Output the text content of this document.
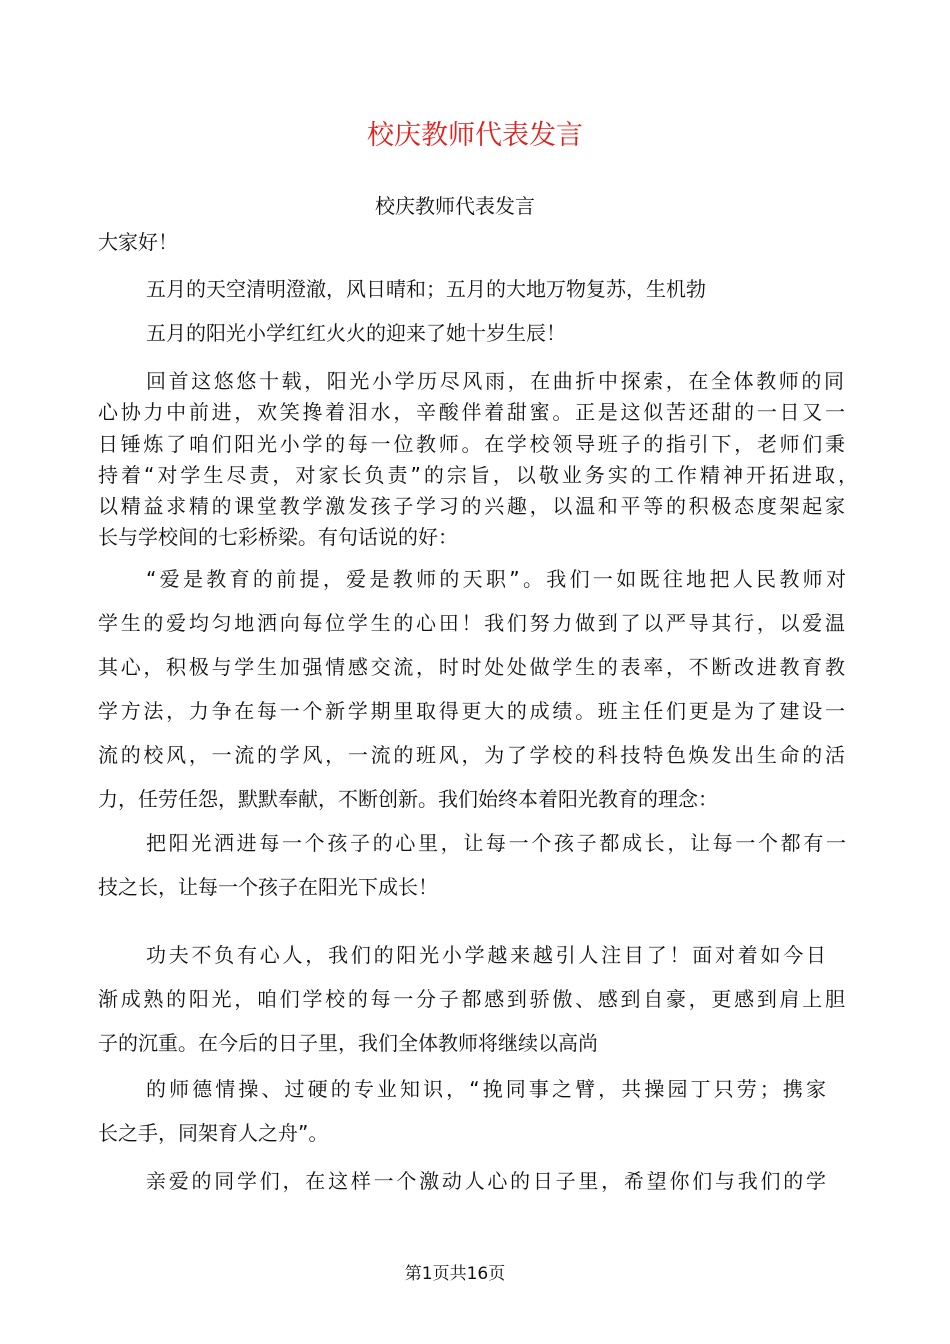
校庆教师代表发言

校庆教师代表发言

大家好！

五月的天空清明澄澈，风日晴和；五月的大地万物复苏，生机勃

五月的阳光小学红红火火的迎来了她十岁生辰！

回首这悠悠十载，阳光小学历尽风雨，在曲折中探索，在全体教师的同

心协力中前进，欢笑搀着泪水，辛酸伴着甜蜜。正是这似苦还甜的一日又一

日锤炼了咱们阳光小学的每一位教师。在学校领导班子的指引下，老师们秉

持着“对学生尽责，对家长负责”的宗旨，以敬业务实的工作精神开拓进取，

以精益求精的课堂教学激发孩子学习的兴趣，以温和平等的积极态度架起家

长与学校间的七彩桥梁。有句话说的好：

“爱是教育的前提，爱是教师的天职”。我们一如既往地把人民教师对

学生的爱均匀地洒向每位学生的心田！我们努力做到了以严导其行，以爱温

其心，积极与学生加强情感交流，时时处处做学生的表率，不断改进教育教

学方法，力争在每一个新学期里取得更大的成绩。班主任们更是为了建设一

流的校风，一流的学风，一流的班风，为了学校的科技特色焕发出生命的活

力，任劳任怨，默默奉献，不断创新。我们始终本着阳光教育的理念：

把阳光洒进每一个孩子的心里，让每一个孩子都成长，让每一个都有一

技之长，让每一个孩子在阳光下成长！

功夫不负有心人，我们的阳光小学越来越引人注目了！面对着如今日

渐成熟的阳光，咱们学校的每一分子都感到骄傲、感到自豪，更感到肩上胆

子的沉重。在今后的日子里，我们全体教师将继续以高尚

的师德情操、过硬的专业知识，“挽同事之臂，共操园丁只劳；携家

长之手，同架育人之舟”。

亲爱的同学们，在这样一个激动人心的日子里，希望你们与我们的学

第1页共16页
